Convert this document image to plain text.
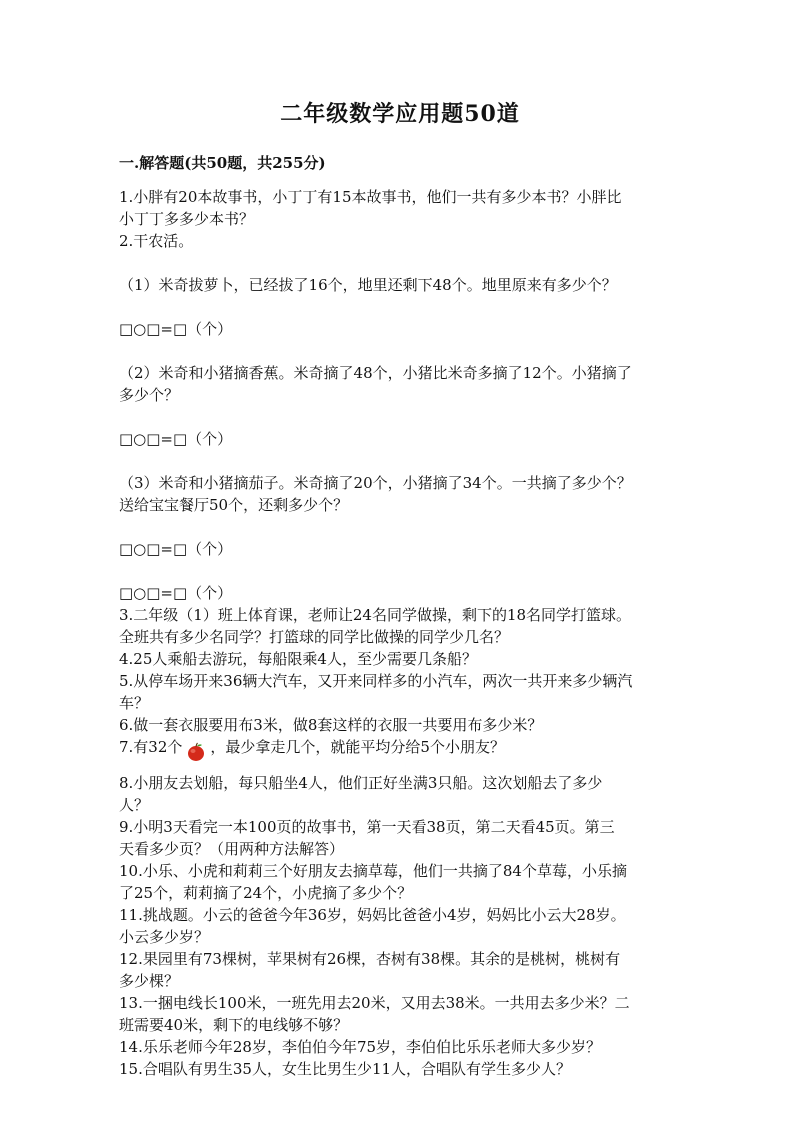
二年级数学应用题50道
一.解答题(共50题，共255分)
1.小胖有20本故事书，小丁丁有15本故事书，他们一共有多少本书？小胖比
小丁丁多多少本书？
2.干农活。
（1）米奇拔萝卜，已经拔了16个，地里还剩下48个。地里原来有多少个？
□○□=□（个）
（2）米奇和小猪摘香蕉。米奇摘了48个，小猪比米奇多摘了12个。小猪摘了
多少个？
□○□=□（个）
（3）米奇和小猪摘茄子。米奇摘了20个，小猪摘了34个。一共摘了多少个？
送给宝宝餐厅50个，还剩多少个？
□○□=□（个）
□○□=□（个）
3.二年级（1）班上体育课，老师让24名同学做操，剩下的18名同学打篮球。
全班共有多少名同学？打篮球的同学比做操的同学少几名？
4.25人乘船去游玩，每船限乘4人，至少需要几条船？
5.从停车场开来36辆大汽车，又开来同样多的小汽车，两次一共开来多少辆汽
车？
6.做一套衣服要用布3米，做8套这样的衣服一共要用布多少米？
7.有32个 ，最少拿走几个，就能平均分给5个小朋友？
8.小朋友去划船，每只船坐4人，他们正好坐满3只船。这次划船去了多少
人？
9.小明3天看完一本100页的故事书，第一天看38页，第二天看45页。第三
天看多少页？（用两种方法解答）
10.小乐、小虎和莉莉三个好朋友去摘草莓，他们一共摘了84个草莓，小乐摘
了25个，莉莉摘了24个，小虎摘了多少个？
11.挑战题。小云的爸爸今年36岁，妈妈比爸爸小4岁，妈妈比小云大28岁。
小云多少岁？
12.果园里有73棵树，苹果树有26棵，杏树有38棵。其余的是桃树，桃树有
多少棵？
13.一捆电线长100米，一班先用去20米，又用去38米。一共用去多少米？二
班需要40米，剩下的电线够不够？
14.乐乐老师今年28岁，李伯伯今年75岁，李伯伯比乐乐老师大多少岁？
15.合唱队有男生35人，女生比男生少11人，合唱队有学生多少人？
